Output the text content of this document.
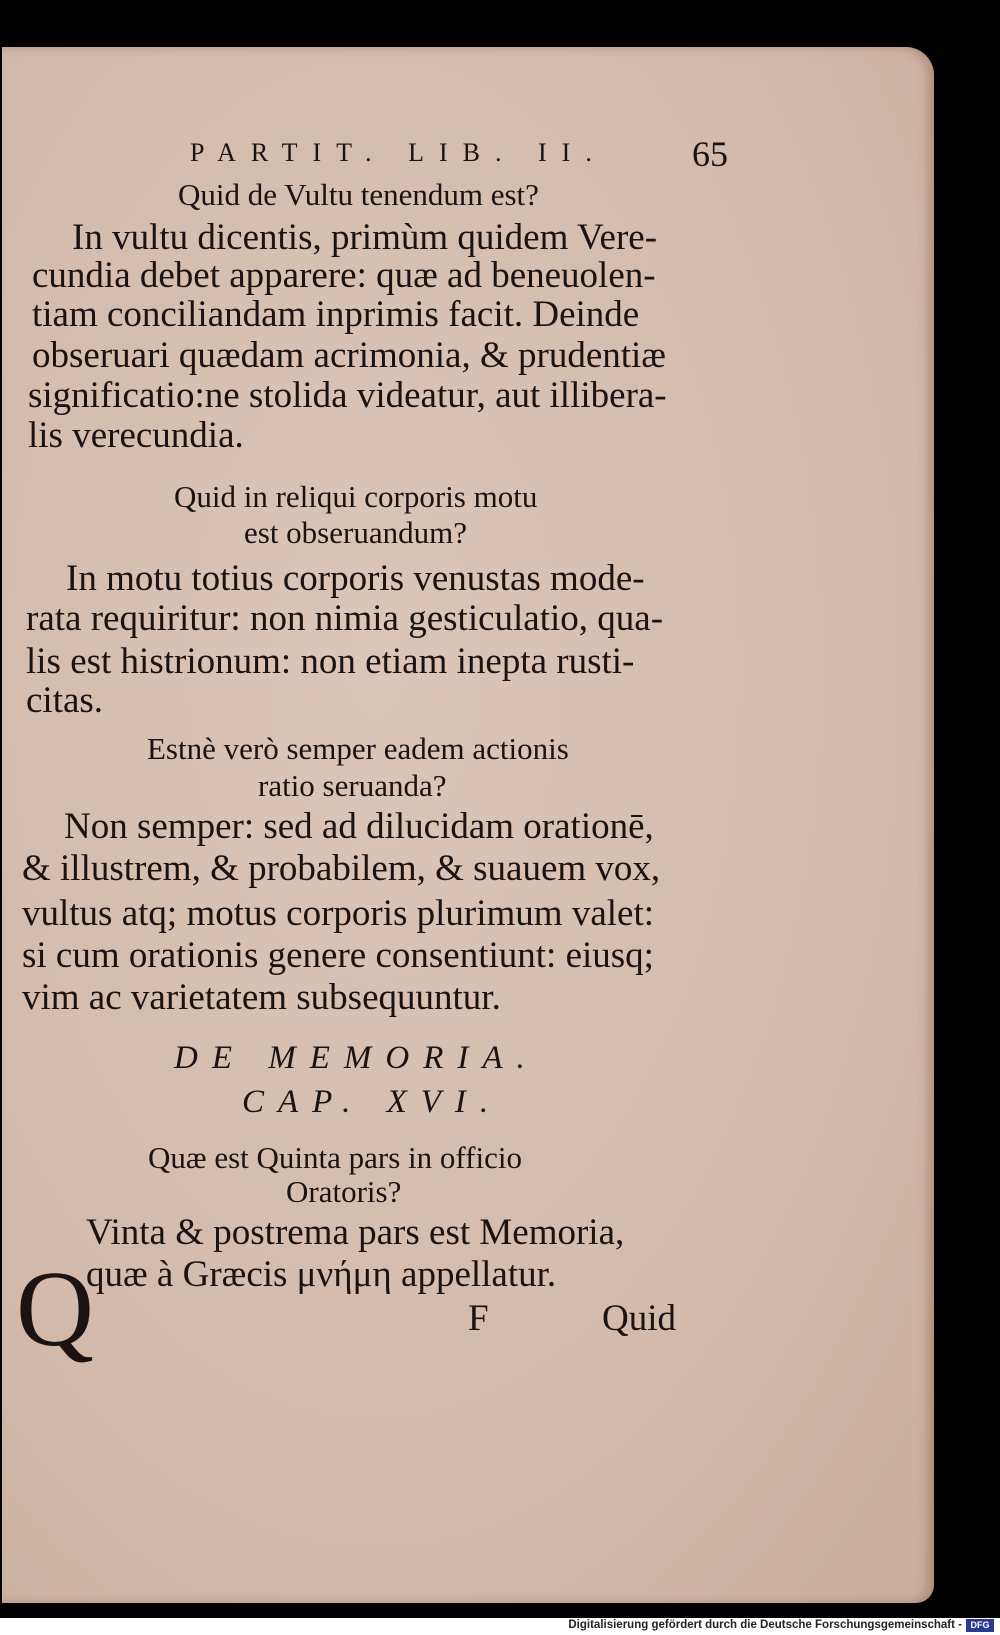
PARTIT. LIB. II. 65
Quid de Vultu tenendum est?
In vultu dicentis, primùm quidem Vere-
cundia debet apparere: quæ ad beneuolen-
tiam conciliandam inprimis facit. Deinde
obseruari quædam acrimonia, & prudentiæ
significatio:ne stolida videatur, aut illibera-
lis verecundia.
Quid in reliqui corporis motu
est obseruandum?
In motu totius corporis venustas mode-
rata requiritur: non nimia gesticulatio, qua-
lis est histrionum: non etiam inepta rusti-
citas.
Estnè verò semper eadem actionis
ratio seruanda?
Non semper: sed ad dilucidam orationē,
& illustrem, & probabilem, & suauem vox,
vultus atq; motus corporis plurimum valet:
si cum orationis genere consentiunt: eiusq;
vim ac varietatem subsequuntur.
DE MEMORIA.
CAP. XVI.
Quæ est Quinta pars in officio
Oratoris?
Q
Vinta & postrema pars est Memoria,
quæ à Græcis μνήμη appellatur.
F	Quid
Digitalisierung gefördert durch die Deutsche Forschungsgemeinschaft - DFG
